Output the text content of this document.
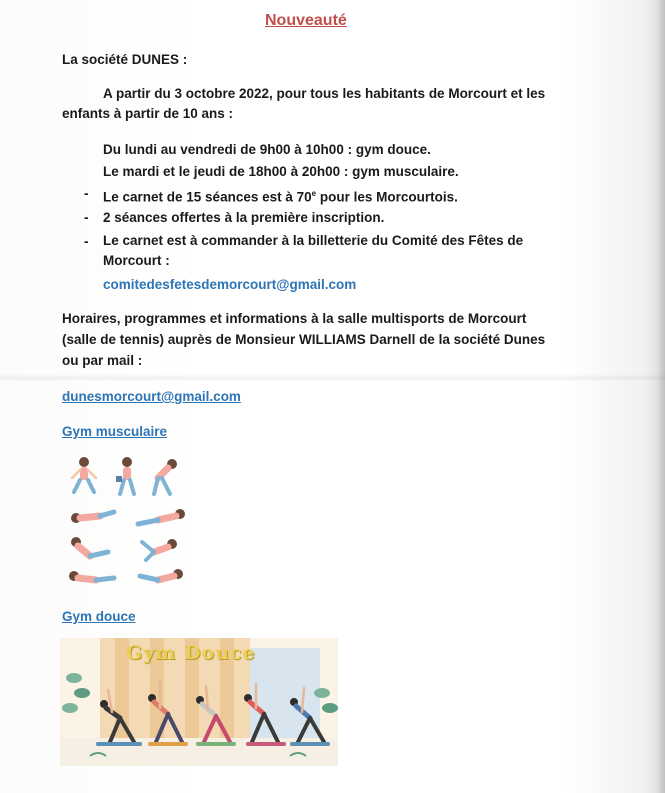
Nouveauté
La société DUNES :
A partir du 3 octobre 2022, pour tous les habitants de Morcourt et les
enfants à partir de 10 ans :
Du lundi au vendredi de 9h00 à 10h00 : gym douce.
Le mardi et le jeudi de 18h00 à 20h00 : gym musculaire.
- Le carnet de 15 séances est à 70e pour les Morcourtois.
- 2 séances offertes à la première inscription.
- Le carnet est à commander à la billetterie du Comité des Fêtes de
Morcourt :
comitedesfetesdemorcourt@gmail.com
Horaires, programmes et informations à la salle multisports de Morcourt
(salle de tennis) auprès de Monsieur WILLIAMS Darnell de la société Dunes
ou par mail :
dunesmorcourt@gmail.com
Gym musculaire
Gym douce
Gym Douce
